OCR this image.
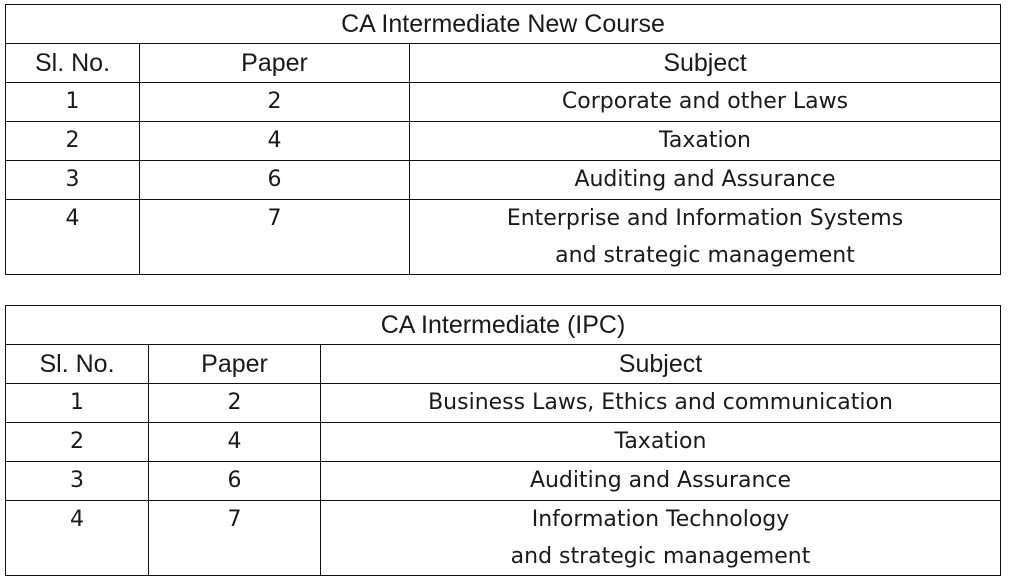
CA Intermediate New Course		
Sl. No.	Paper	Subject
1	2	Corporate and other Laws

2	4	Taxation

3	6	Auditing and Assurance

4	7	Enterprise and Information Systems
and strategic management
CA Intermediate (IPC)		
Sl. No.	Paper	Subject
1	2	Business Laws, Ethics and communication

2	4	Taxation

3	6	Auditing and Assurance

4	7	Information Technology
and strategic management
